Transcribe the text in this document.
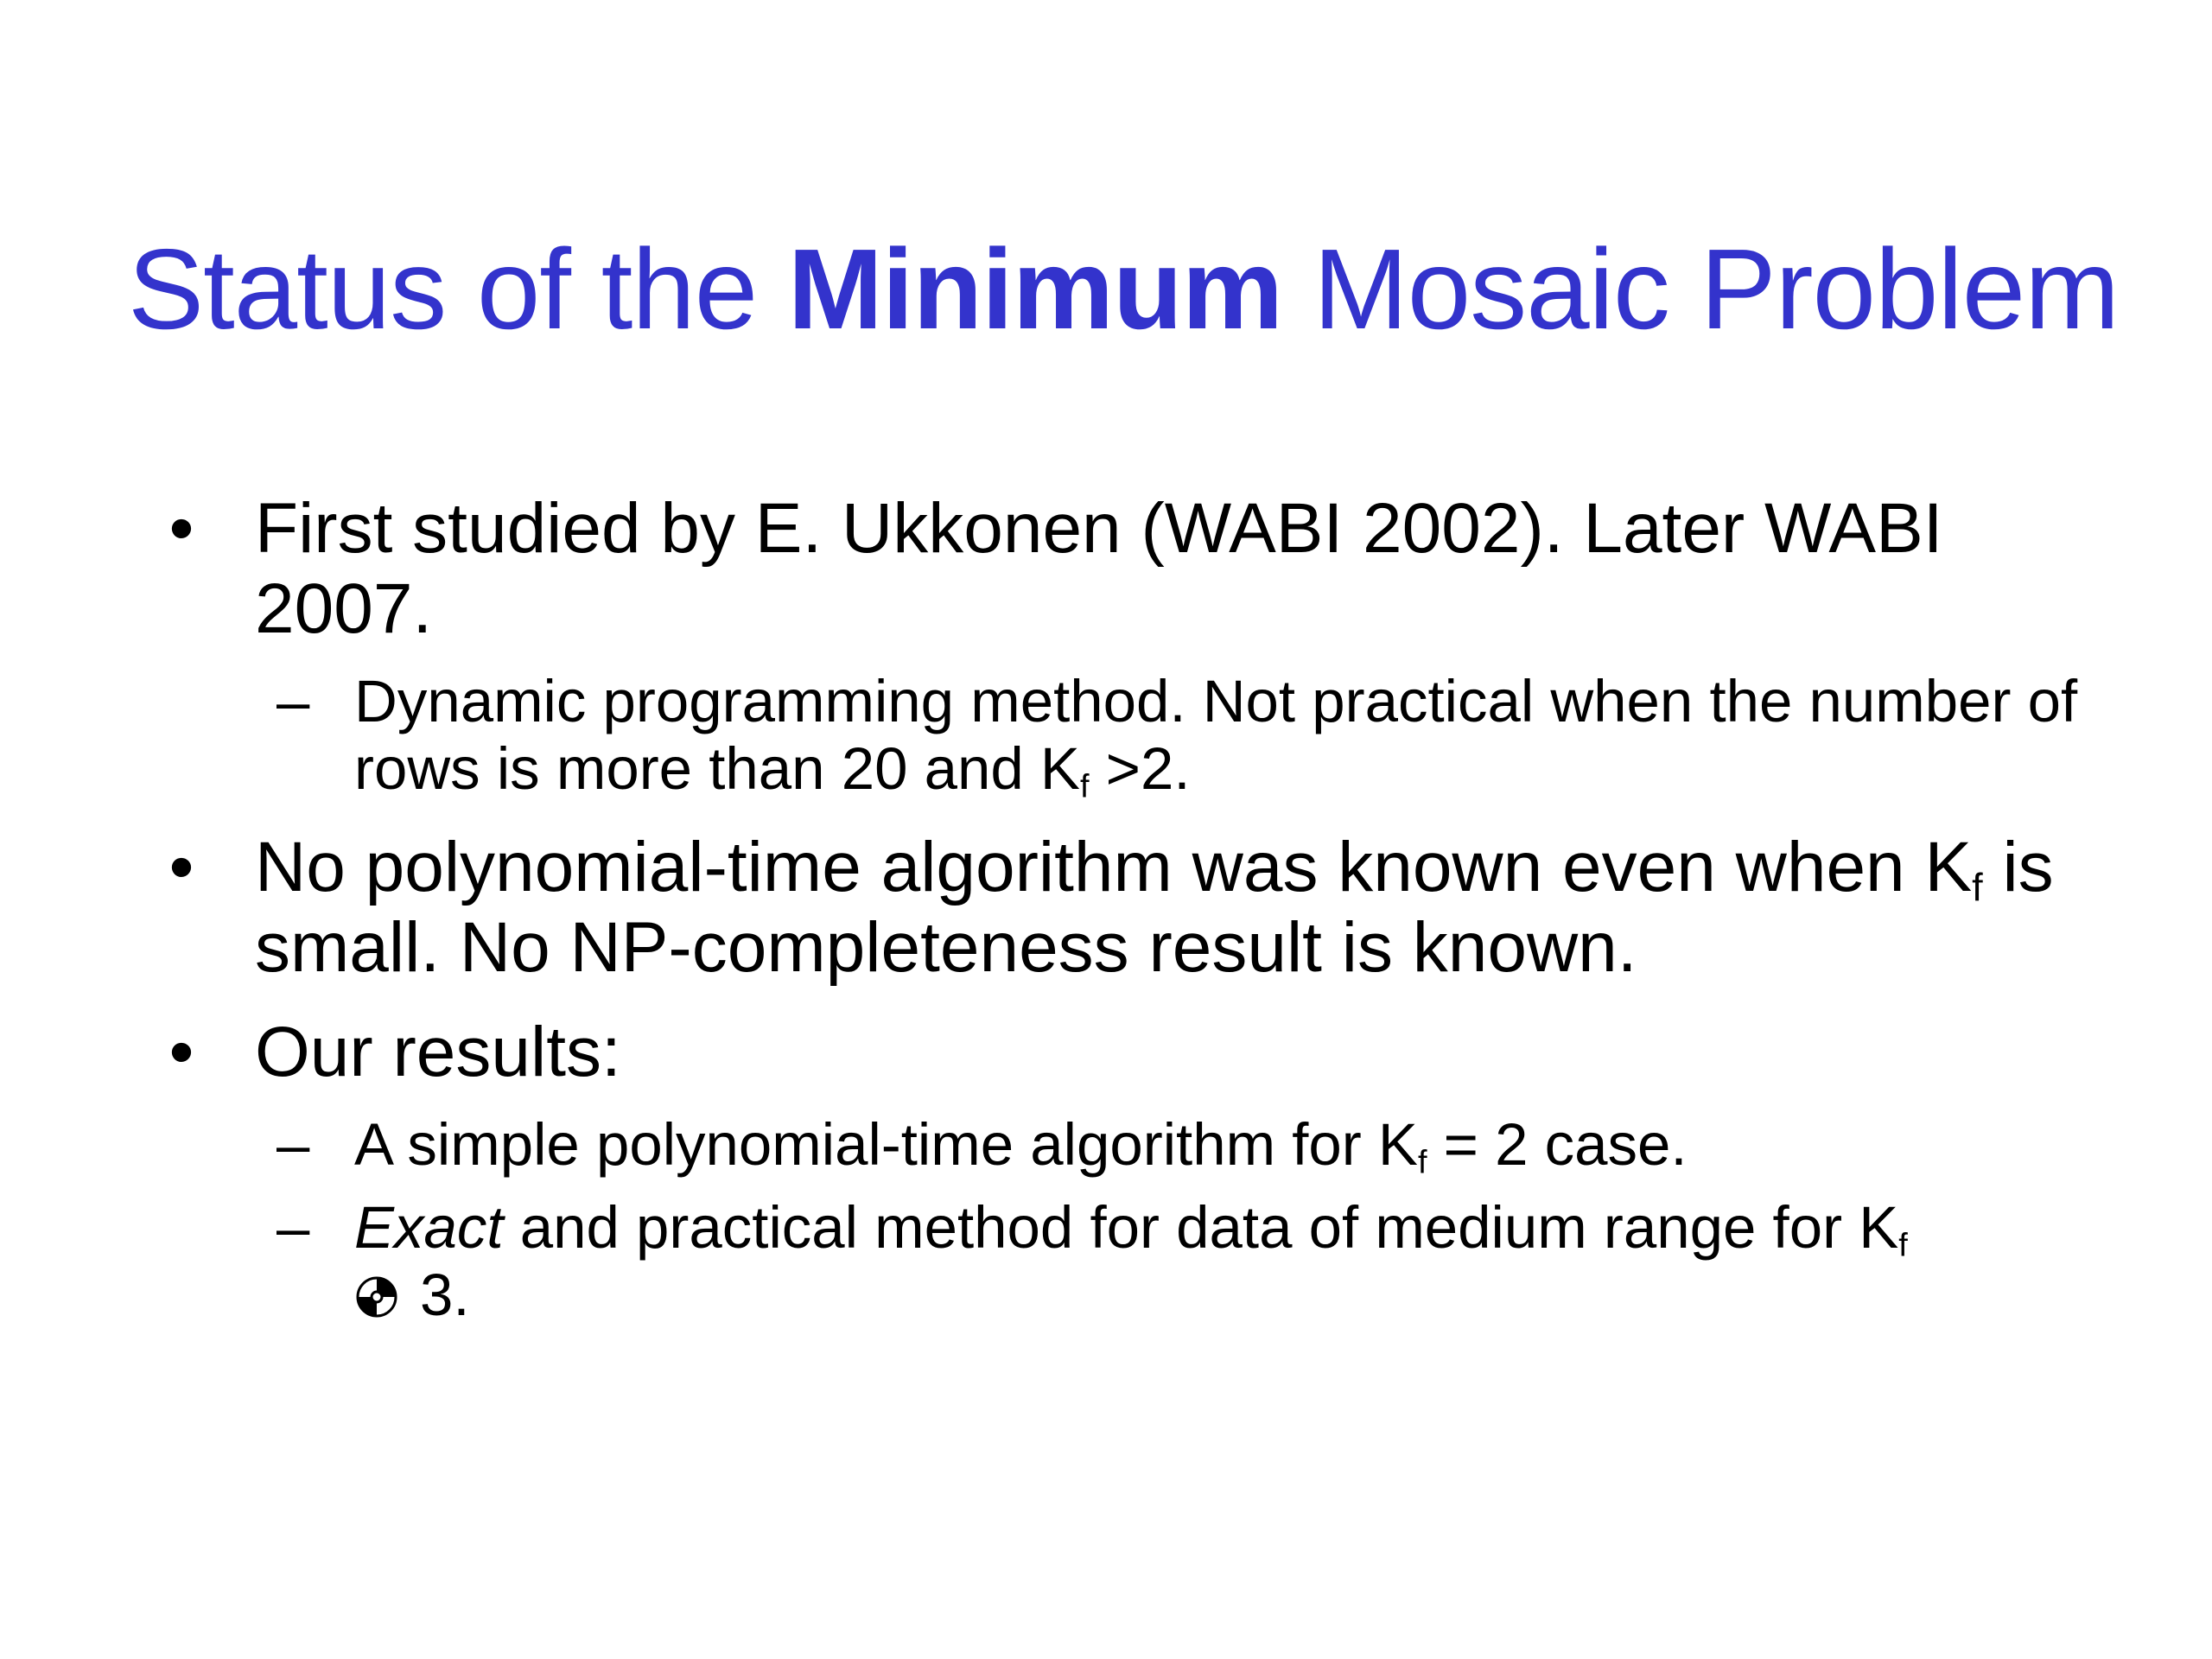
Status of the Minimum Mosaic Problem
• First studied by E. Ukkonen (WABI 2002). Later WABI 2007.
– Dynamic programming method. Not practical when the number of rows is more than 20 and $K_f >2$.
• No polynomial-time algorithm was known even when $K_f$ is small. No NP-completeness result is known.
• Our results:
– A simple polynomial-time algorithm for $K_f = 2$ case.
– Exact and practical method for data of medium range for $K_f$
3.
